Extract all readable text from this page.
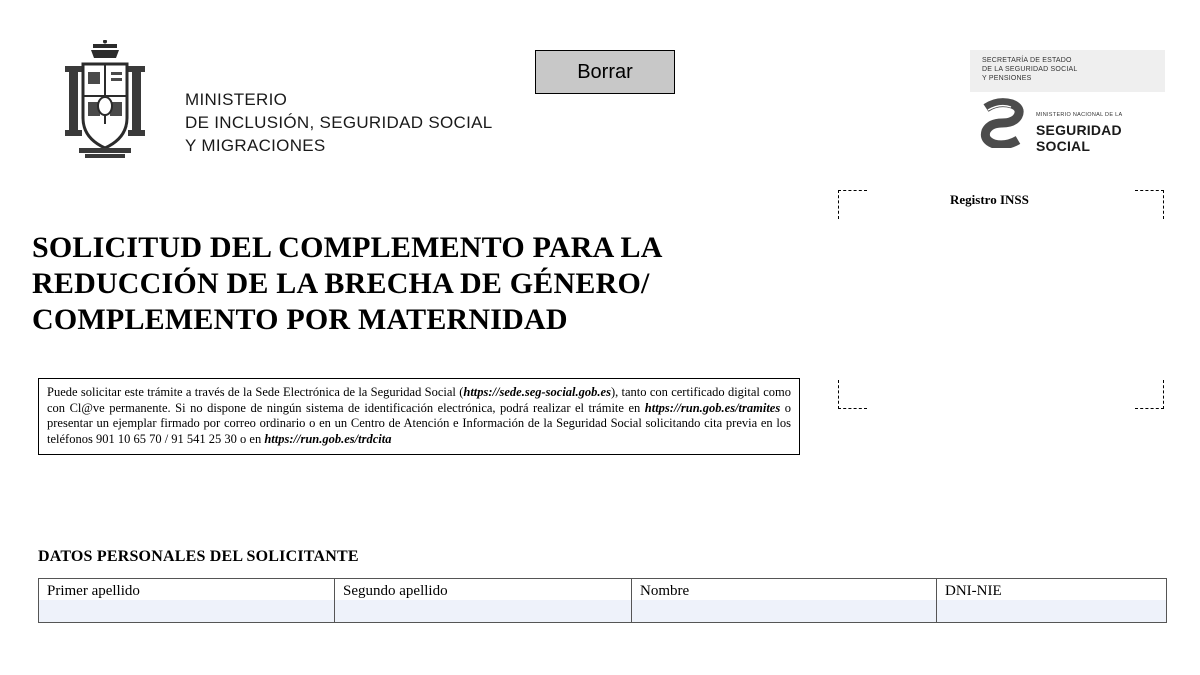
MINISTERIO
DE INCLUSIÓN, SEGURIDAD SOCIAL
Y MIGRACIONES
Borrar	SECRETARÍA DE ESTADO
DE LA SEGURIDAD SOCIAL
Y PENSIONES
MINISTERIO NACIONAL DE LA
SEGURIDAD SOCIAL
Registro INSS
SOLICITUD DEL COMPLEMENTO PARA LA REDUCCIÓN DE LA BRECHA DE GÉNERO/ COMPLEMENTO POR MATERNIDAD
Puede solicitar este trámite a través de la Sede Electrónica de la Seguridad Social (https://sede.seg-social.gob.es), tanto con certificado digital como con Cl@ve permanente. Si no dispone de ningún sistema de identificación electrónica, podrá realizar el trámite en https://run.gob.es/tramites o presentar un ejemplar firmado por correo ordinario o en un Centro de Atención e Información de la Seguridad Social solicitando cita previa en los teléfonos 901 10 65 70 / 91 541 25 30 o en https://run.gob.es/trdcita
DATOS PERSONALES DEL SOLICITANTE
Primer apellido	Segundo apellido	Nombre	DNI-NIE
